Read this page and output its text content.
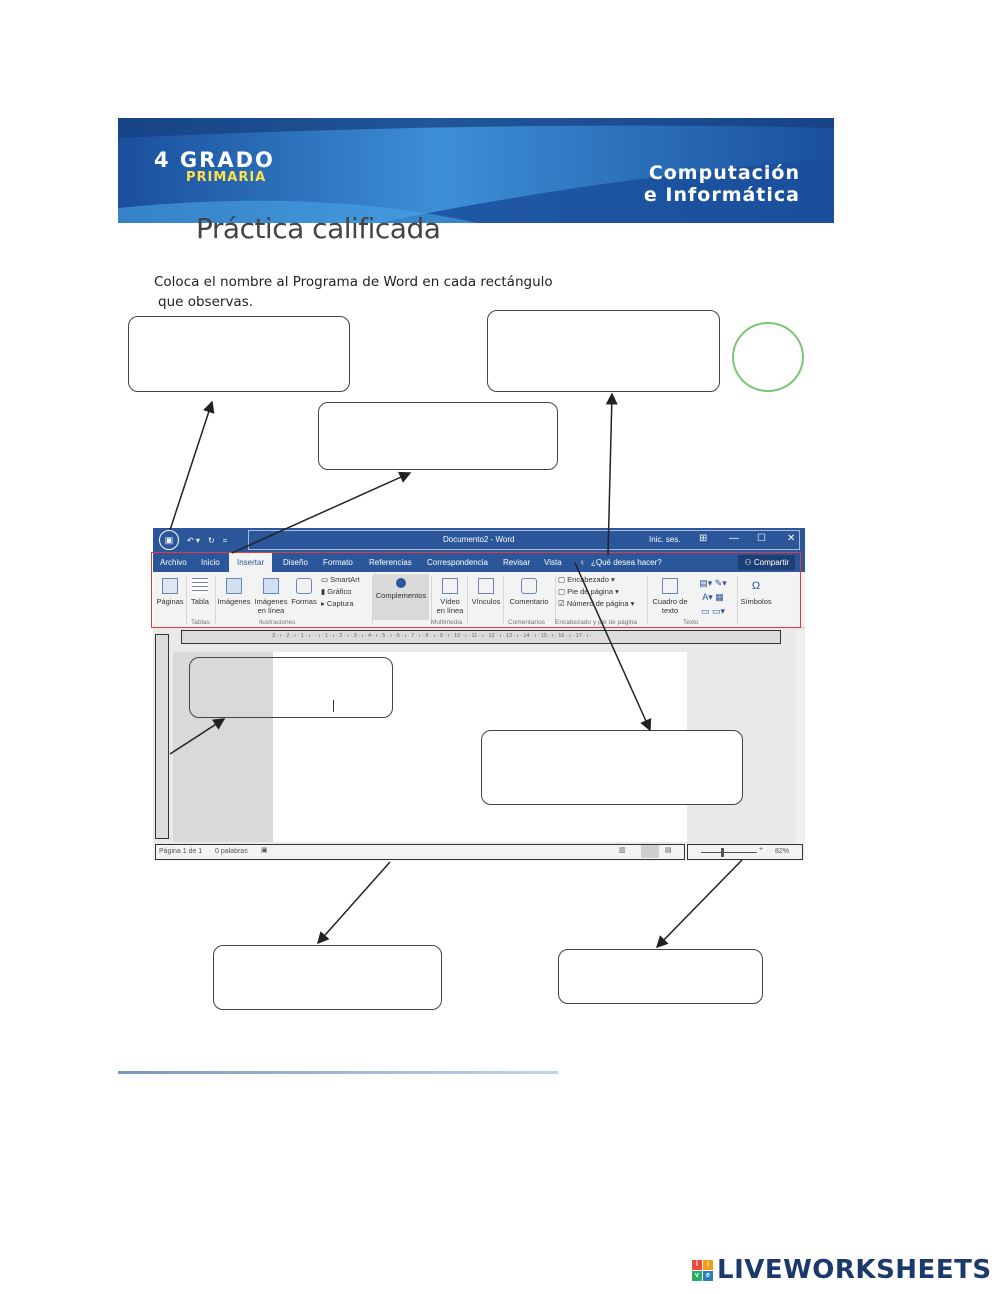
4 GRADO
PRIMARIA	Computación
e Informática
Práctica calificada
Coloca el nombre al Programa de Word en cada rectángulo
que observas.
▣	↶ ▾ ↻ =	Documento2 - Word	Inic. ses. ⊞ — ☐ ✕
Archivo Inicio	Insertar	Diseño Formato Referencias Correspondencia Revisar Vista ♀ ¿Qué desea hacer?	⚇ Compartir
Páginas Tabla
Tablas
Imágenes Imágenes
en línea
Formas
▭ SmartArt
▮ Gráfico
▸ Captura
Ilustraciones
Complementos
Vídeo
en línea
Multimedia
Vínculos	Comentario
Comentarios
▢ Encabezado ▾
▢ Pie de página ▾
☑ Número de página ▾
Encabezado y pie de página
Cuadro de
texto
▤▾ ✎▾
A▾ ▦
▭ ▭▾
Texto
Ω
Símbolos
3 · ı · 2 · ı · 1 · ı · · ı · 1 · ı · 2 · ı · 3 · ı · 4 · ı · 5 · ı · 6 · ı · 7 · ı · 8 · ı · 9 · ı · 10 · ı · 11 · ı · 12 · ı · 13 · ı · 14 · ı · 15 · ı · 16 · ı · 17 · ı ·
Página 1 de 1 0 palabras ▣	▥	▤	+ 82%
l	i
v	e LIVEWORKSHEETS
